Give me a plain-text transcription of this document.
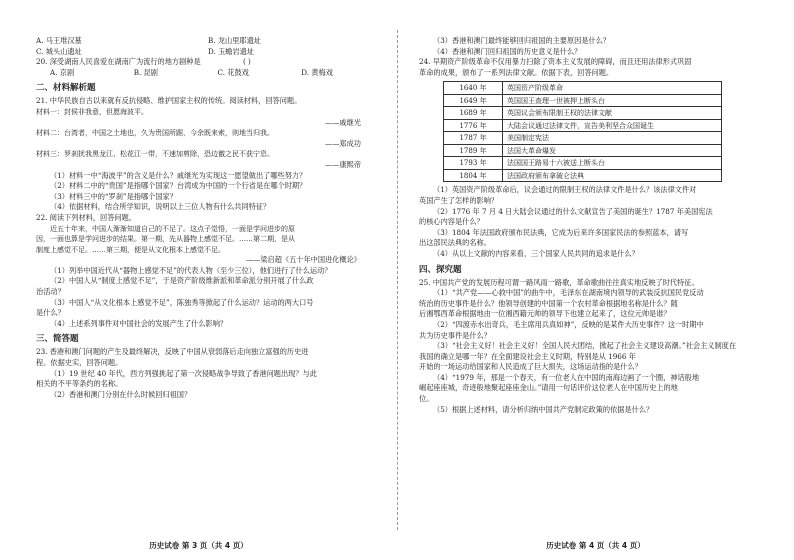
A. 马王堆汉墓	B. 龙山里耶遗址
C. 城头山遗址	D. 玉蟾岩遗址
20. 深受湖南人民喜爱在湖南广为流行的地方剧种是	( )
A. 京剧	B. 昆剧	C. 花鼓戏	D. 黄梅戏
二、材料解析题
21. 中华民族自古以来就有反抗侵略、维护国家主权的传统。阅读材料，回答问题。
材料一：封侯非我意，但愿海波平。
——戚继光
材料二：台湾者，中国之土地也，久为贵国所踞，今余既来索，则地当归我。
——郑成功
材料三：罗刹扰我黑龙江、松花江一带，不速加剪除，恐边徼之民不获宁息。
——康熙帝
（1）材料一中“海波平”的含义是什么？戚继光为实现这一愿望做出了哪些努力？
（2）材料二中的“贵国”是指哪个国家？台湾成为中国的一个行省是在哪个时期？
（3）材料三中的“罗刹”是指哪个国家？
（4）依据材料，结合所学知识，说明以上三位人物有什么共同特征？
22. 阅读下列材料，回答问题。
近五十年来，中国人渐渐知道自己的不足了。这点子觉悟，一面是学问进步的原
因，一面也算是学问进步的结果。第一期，先从器物上感觉不足。……第二期，是从
制度上感觉不足。……第三期，便是从文化根本上感觉不足。
——梁启超《五十年中国进化概论》
（1）列举中国近代从“器物上感觉不足”的代表人物（至少三位），他们进行了什么运动？
（2）中国人从“制度上感觉不足”，于是资产阶级维新派和革命派分别开展了什么政
治活动？
（3）中国人“从文化根本上感觉不足”，陈独秀等掀起了什么运动？运动的两大口号
是什么？
（4）上述系列事件对中国社会的发展产生了什么影响？
三、简答题
23. 香港和澳门问题的产生及最终解决，反映了中国从衰弱落后走向独立富强的历史进
程。依据史实，回答问题。
（1）19 世纪 40 年代，西方列强挑起了第一次侵略战争导致了香港问题出现？与此
相关的不平等条约的名称。
（2）香港和澳门分别在什么时候回归祖国？
历史试卷 第 3 页（共 4 页）
（3）香港和澳门最终能够回归祖国的主要原因是什么？
（4）香港和澳门回归祖国的历史意义是什么？
24. 早期资产阶级革命不仅用暴力扫除了资本主义发展的障碍，而且还用法律形式巩固
革命的成果，颁布了一系列法律文献。依据下表，回答问题。
1640 年	英国资产阶级革命
1649 年	英国国王查理一世被押上断头台
1689 年	英国议会颁布限制王权的法律文献
1776 年	大陆会议通过法律文件，宣告美利坚合众国诞生
1787 年	美国制定宪法
1789 年	法国大革命爆发
1793 年	法国国王路易十六被送上断头台
1804 年	法国政府颁布拿破仑法典
（1）英国资产阶级革命后，议会通过的限制王权的法律文件是什么？该法律文件对
英国产生了怎样的影响？
（2）1776 年 7 月 4 日大陆会议通过的什么文献宣告了美国的诞生？1787 年美国宪法
的核心内容是什么？
（3）1804 年法国政府颁布民法典，它成为后来许多国家民法的参照蓝本，请写
出这部民法典的名称。
（4）从以上文献的内容来看，三个国家人民共同的追求是什么？
四、探究题
25. 中国共产党的发展历程可谓一路风雨一路歌，革命歌曲往往真实地反映了时代特征。
（1）“共产党——心救中国”的曲牛中，毛泽东在湖南境内领导的武装反抗国民党反动
统治的历史事件是什么？他领导创建的中国第一个农村革命根据地名称是什么？随
后湘鄂西革命根据地由一位湘西籍元帅的领导下也建立起来了，这位元帅是谁？
（2）“四渡赤水出奇兵，毛主席用兵真如神”，反映的是某件大历史事件？这一时期中
共为历史事件是什么？
（3）“社会主义好！社会主义好！全国人民大团结，掀起了社会主义建设高潮。”社会主义制度在
我国的确立是哪一年？在全面建设社会主义时期，特别是从 1966 年
开始的一场运动给国家和人民造成了巨大损失，这场运动指的是什么？
（4）“1979 年，那是一个春天，有一位老人在中国的南海边画了一个圈，神话般地
崛起座座城，奇迹般地聚起座座金山。”请用一句话评价这位老人在中国历史上的地
位。
（5）根据上述材料，请分析归纳中国共产党制定政策的依据是什么？
历史试卷 第 4 页（共 4 页）
